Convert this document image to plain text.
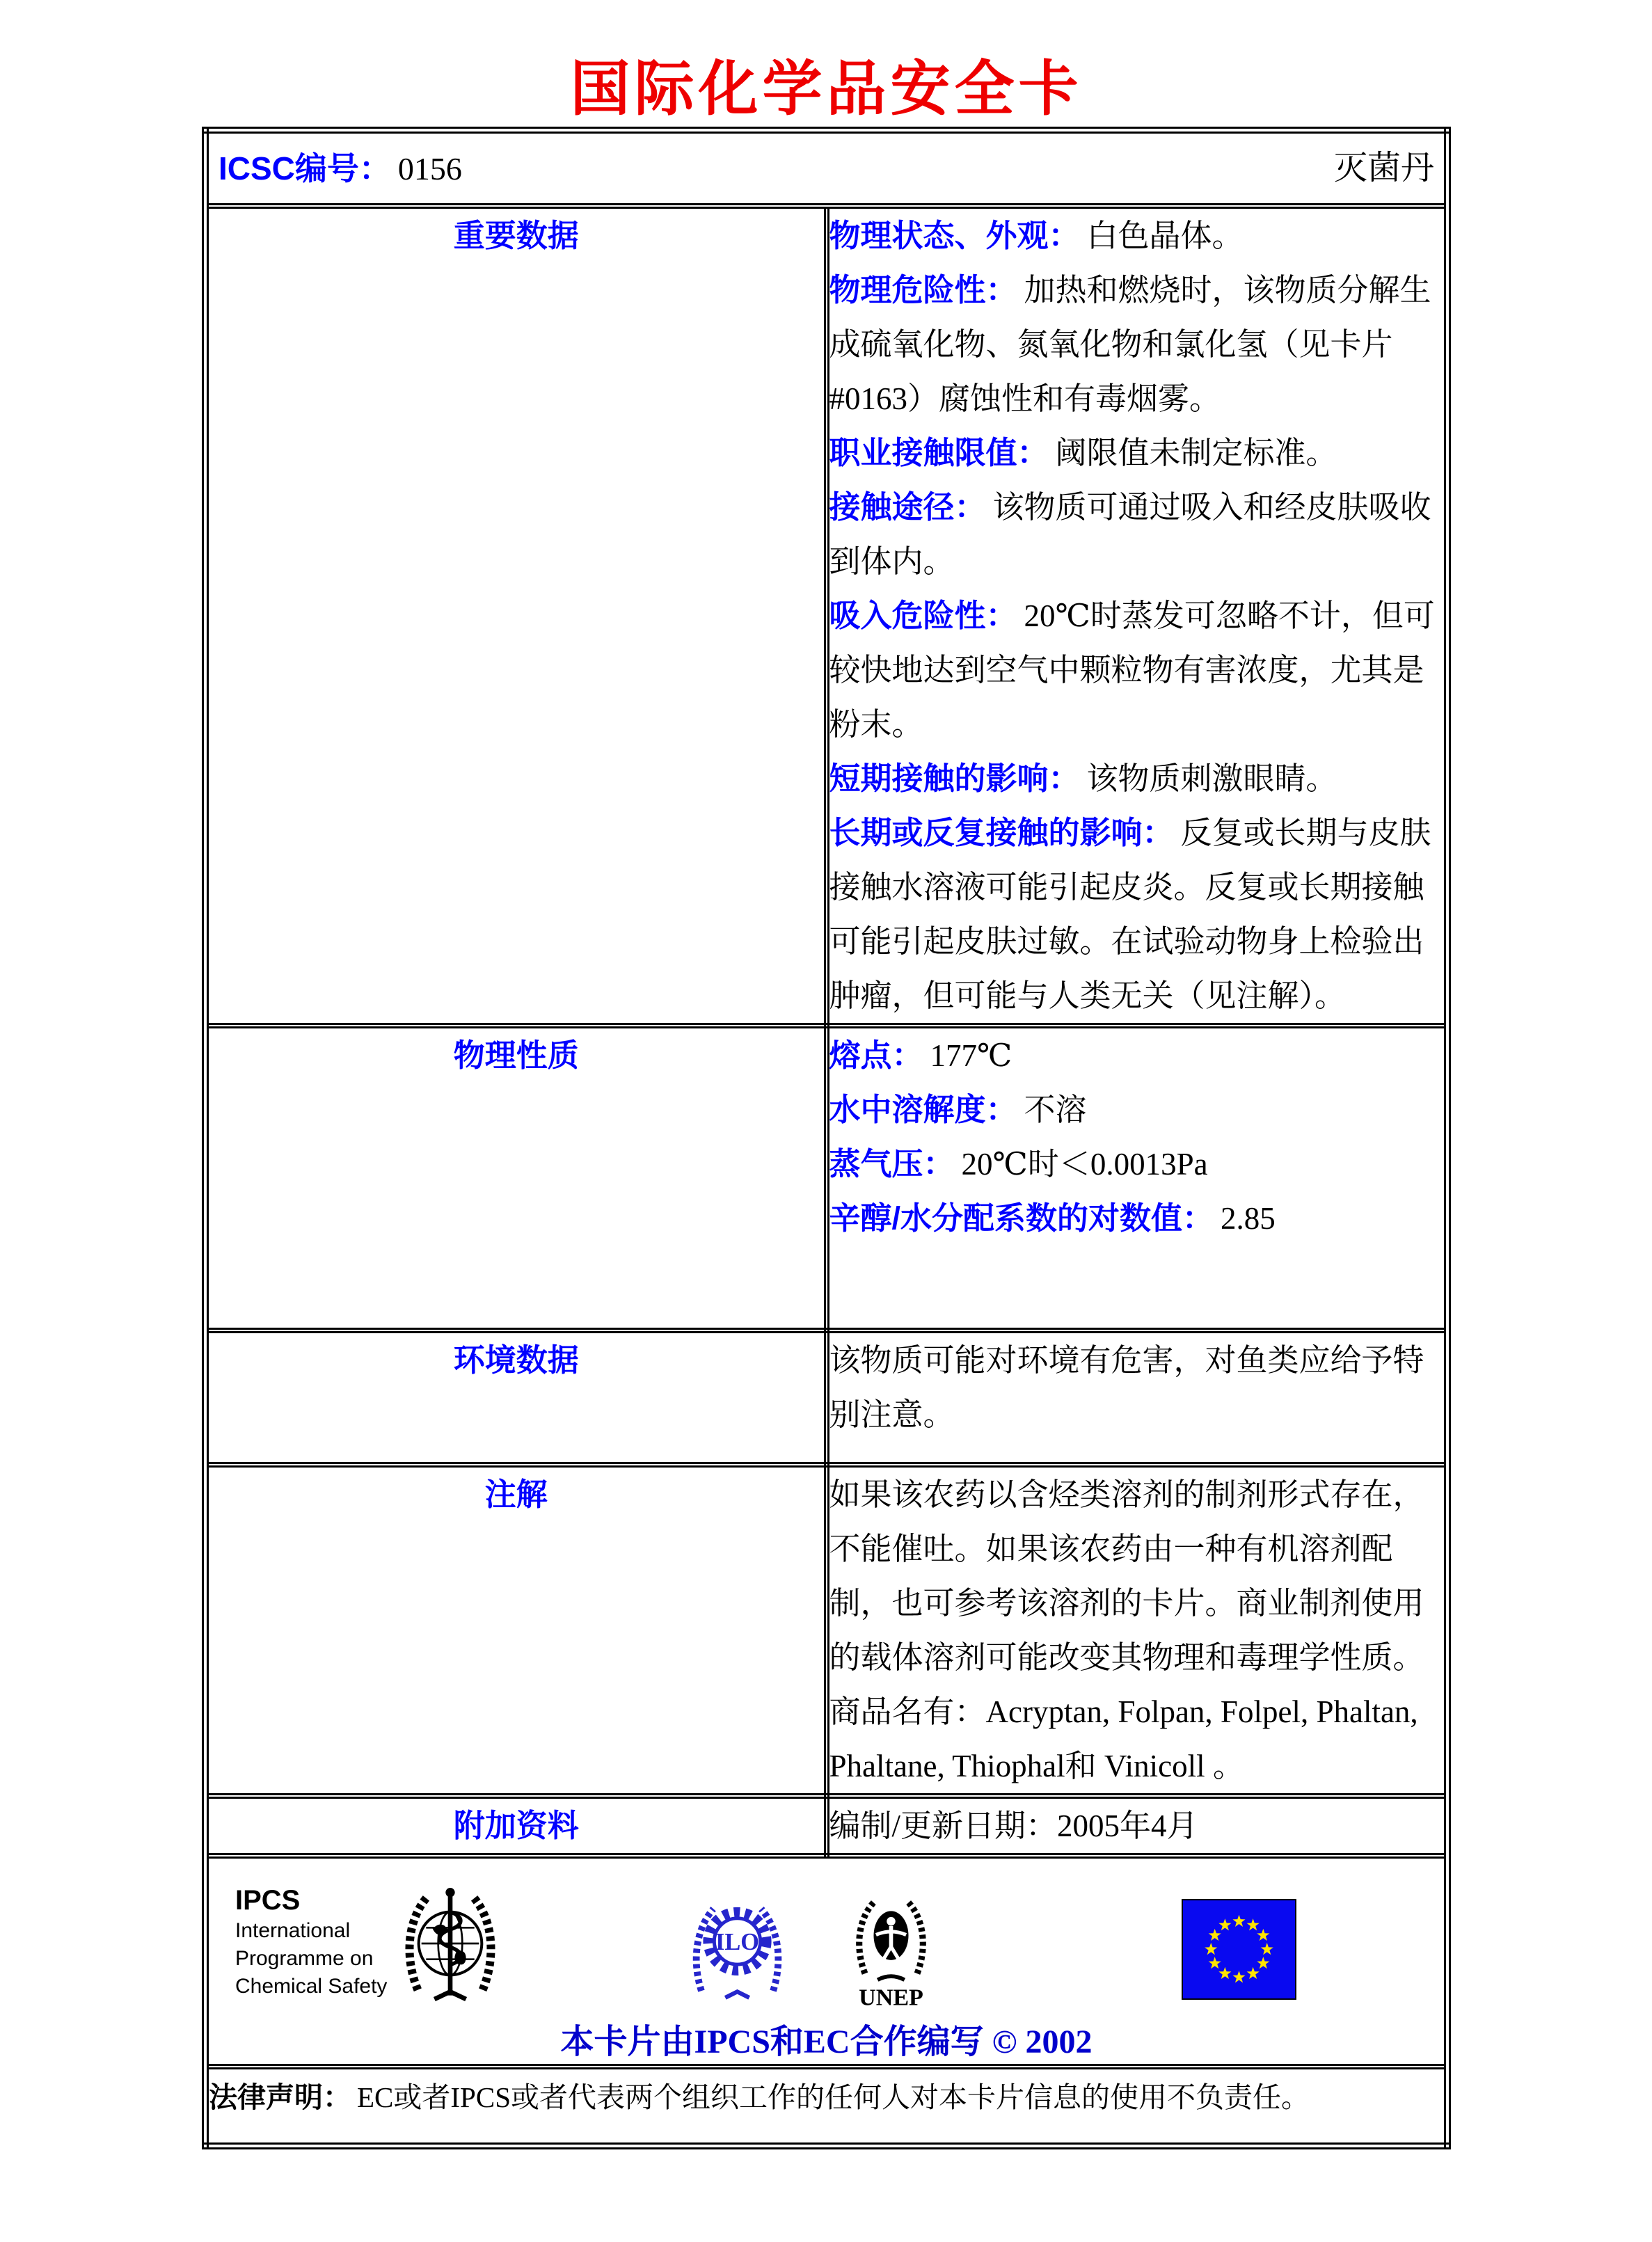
国际化学品安全卡
ICSC编号： 0156 灭菌丹	

重要数据	物理状态、外观： 白色晶体。
物理危险性： 加热和燃烧时，该物质分解生成硫氧化物、氮氧化物和氯化氢（见卡片#0163）腐蚀性和有毒烟雾。
职业接触限值： 阈限值未制定标准。
接触途径： 该物质可通过吸入和经皮肤吸收到体内。
吸入危险性： 20℃时蒸发可忽略不计，但可较快地达到空气中颗粒物有害浓度，尤其是粉末。
短期接触的影响： 该物质刺激眼睛。
长期或反复接触的影响： 反复或长期与皮肤接触水溶液可能引起皮炎。反复或长期接触可能引起皮肤过敏。在试验动物身上检验出肿瘤，但可能与人类无关（见注解）。

物理性质	熔点： 177℃
水中溶解度： 不溶
蒸气压： 20℃时＜0.0013Pa
辛醇/水分配系数的对数值： 2.85

环境数据	该物质可能对环境有危害，对鱼类应给予特别注意。

注解	如果该农药以含烃类溶剂的制剂形式存在，不能催吐。如果该农药由一种有机溶剂配制，也可参考该溶剂的卡片。商业制剂使用的载体溶剂可能改变其物理和毒理学性质。商品名有：Acryptan, Folpan, Folpel, Phaltan, Phaltane, Thiophal和 Vinicoll 。

附加资料	编制/更新日期：2005年4月

IPCS
International
Programme on
Chemical Safety
ILO
UNEP
本卡片由IPCS和EC合作编写 © 2002

法律声明： EC或者IPCS或者代表两个组织工作的任何人对本卡片信息的使用不负责任。	
